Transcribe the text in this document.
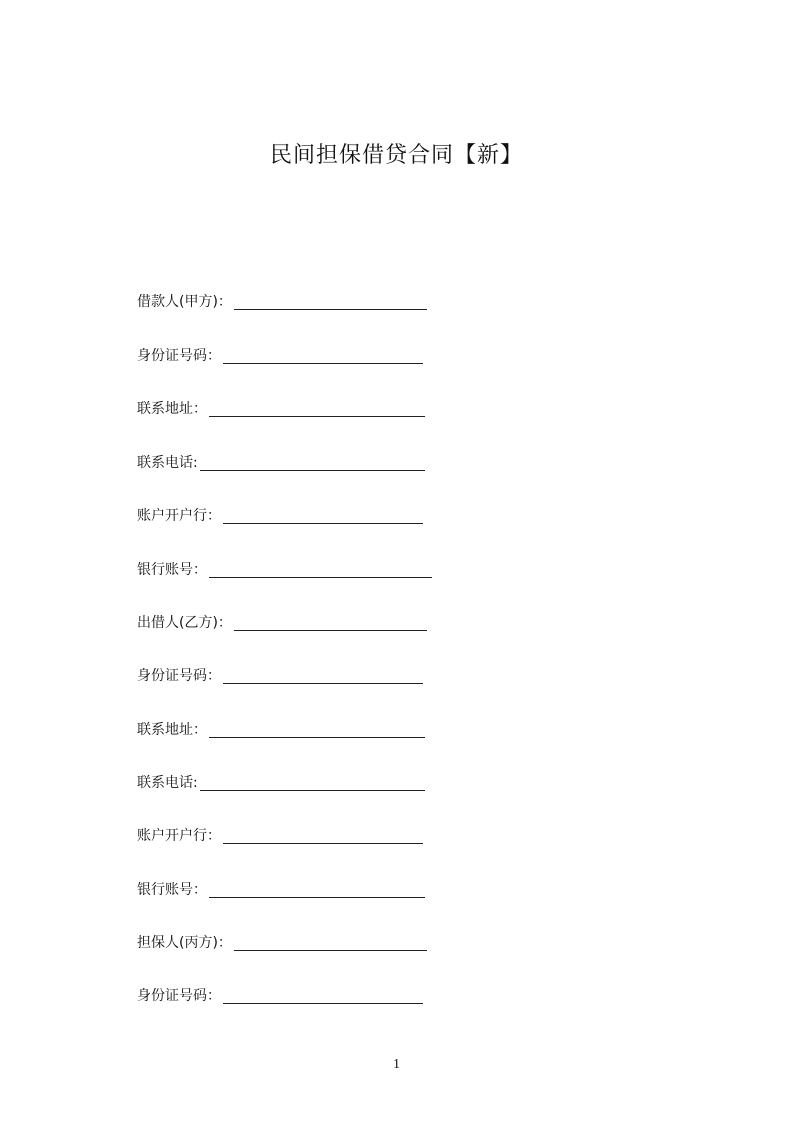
民间担保借贷合同【新】
借款人(甲方)：
身份证号码：
联系地址：
联系电话:
账户开户行：
银行账号：
出借人(乙方)：
身份证号码：
联系地址：
联系电话:
账户开户行：
银行账号：
担保人(丙方)：
身份证号码：
1
